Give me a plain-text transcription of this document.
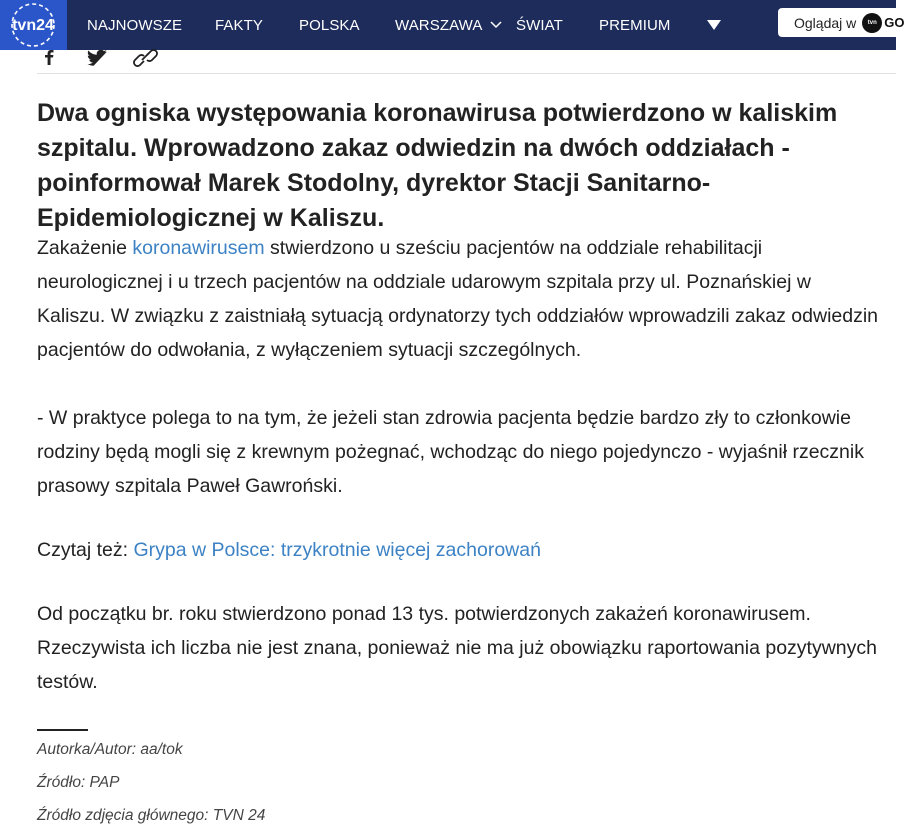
tvn24 NAJNOWSZE FAKTY POLSKA WARSZAWA ŚWIAT PREMIUM	Oglądaj w	tvn GO
Dwa ogniska występowania koronawirusa potwierdzono w kaliskim szpitalu. Wprowadzono zakaz odwiedzin na dwóch oddziałach - poinformował Marek Stodolny, dyrektor Stacji Sanitarno-Epidemiologicznej w Kaliszu.

Zakażenie koronawirusem stwierdzono u sześciu pacjentów na oddziale rehabilitacji neurologicznej i u trzech pacjentów na oddziale udarowym szpitala przy ul. Poznańskiej w Kaliszu. W związku z zaistniałą sytuacją ordynatorzy tych oddziałów wprowadzili zakaz odwiedzin pacjentów do odwołania, z wyłączeniem sytuacji szczególnych.

- W praktyce polega to na tym, że jeżeli stan zdrowia pacjenta będzie bardzo zły to członkowie rodziny będą mogli się z krewnym pożegnać, wchodząc do niego pojedynczo - wyjaśnił rzecznik prasowy szpitala Paweł Gawroński.

Czytaj też: Grypa w Polsce: trzykrotnie więcej zachorowań

Od początku br. roku stwierdzono ponad 13 tys. potwierdzonych zakażeń koronawirusem. Rzeczywista ich liczba nie jest znana, ponieważ nie ma już obowiązku raportowania pozytywnych testów.

Autorka/Autor: aa/tok
Źródło: PAP
Źródło zdjęcia głównego: TVN 24
